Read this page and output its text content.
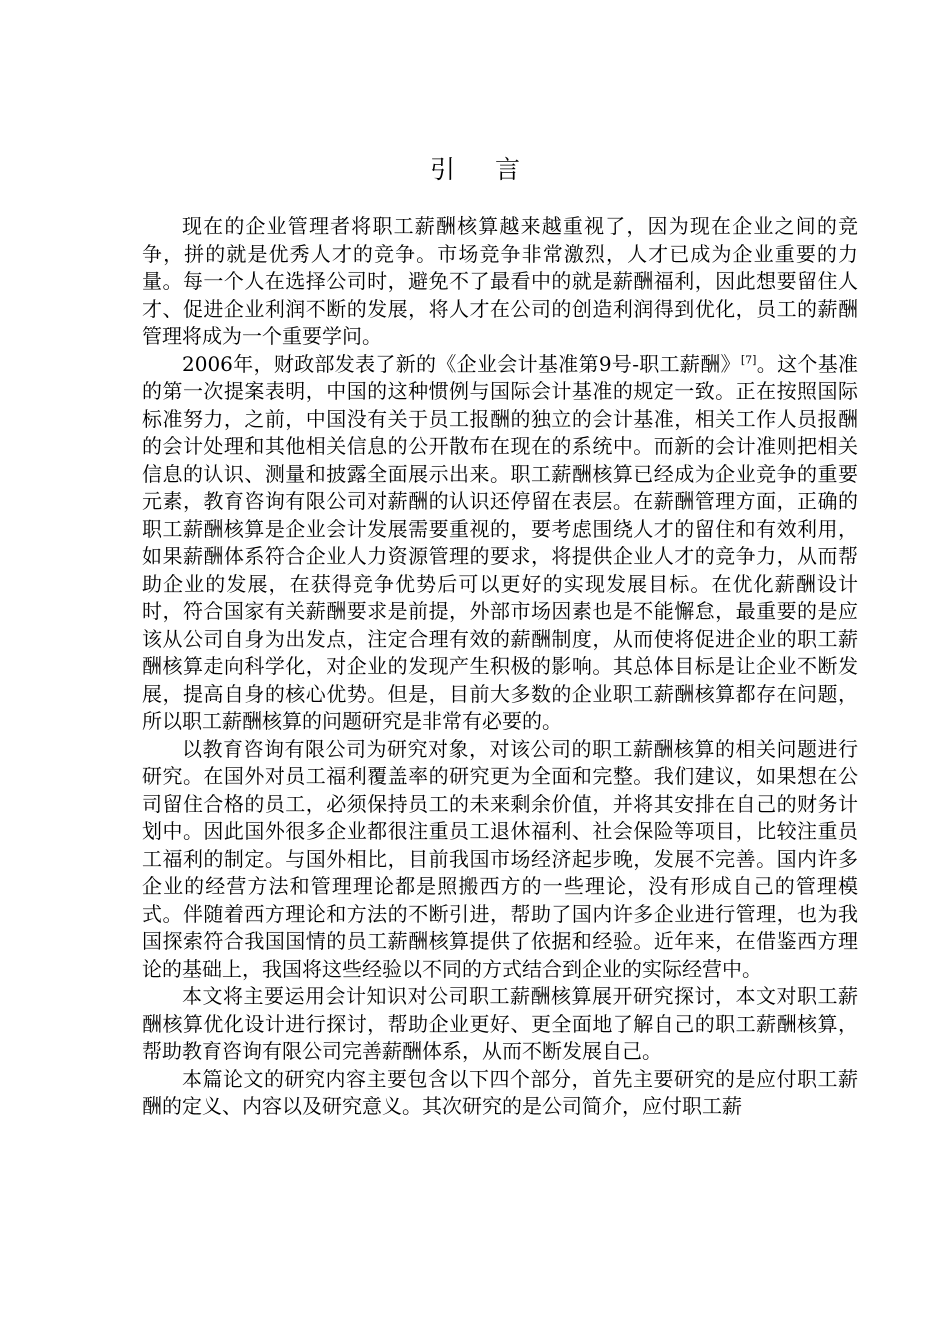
引言

现在的企业管理者将职工薪酬核算越来越重视了，因为现在企业之间的竞争，拼的就是优秀人才的竞争。市场竞争非常激烈，人才已成为企业重要的力量。每一个人在选择公司时，避免不了最看中的就是薪酬福利，因此想要留住人才、促进企业利润不断的发展，将人才在公司的创造利润得到优化，员工的薪酬管理将成为一个重要学问。

2006年，财政部发表了新的《企业会计基准第9号-职工薪酬》[7]。这个基准的第一次提案表明，中国的这种惯例与国际会计基准的规定一致。正在按照国际标准努力，之前，中国没有关于员工报酬的独立的会计基准，相关工作人员报酬的会计处理和其他相关信息的公开散布在现在的系统中。而新的会计准则把相关信息的认识、测量和披露全面展示出来。职工薪酬核算已经成为企业竞争的重要元素，教育咨询有限公司对薪酬的认识还停留在表层。在薪酬管理方面，正确的职工薪酬核算是企业会计发展需要重视的，要考虑围绕人才的留住和有效利用，如果薪酬体系符合企业人力资源管理的要求，将提供企业人才的竞争力，从而帮助企业的发展，在获得竞争优势后可以更好的实现发展目标。在优化薪酬设计时，符合国家有关薪酬要求是前提，外部市场因素也是不能懈怠，最重要的是应该从公司自身为出发点，注定合理有效的薪酬制度，从而使将促进企业的职工薪酬核算走向科学化，对企业的发现产生积极的影响。其总体目标是让企业不断发展，提高自身的核心优势。但是，目前大多数的企业职工薪酬核算都存在问题，所以职工薪酬核算的问题研究是非常有必要的。

以教育咨询有限公司为研究对象，对该公司的职工薪酬核算的相关问题进行研究。在国外对员工福利覆盖率的研究更为全面和完整。我们建议，如果想在公司留住合格的员工，必须保持员工的未来剩余价值，并将其安排在自己的财务计划中。因此国外很多企业都很注重员工退休福利、社会保险等项目，比较注重员工福利的制定。与国外相比，目前我国市场经济起步晚，发展不完善。国内许多企业的经营方法和管理理论都是照搬西方的一些理论，没有形成自己的管理模式。伴随着西方理论和方法的不断引进，帮助了国内许多企业进行管理，也为我国探索符合我国国情的员工薪酬核算提供了依据和经验。近年来，在借鉴西方理论的基础上，我国将这些经验以不同的方式结合到企业的实际经营中。

本文将主要运用会计知识对公司职工薪酬核算展开研究探讨，本文对职工薪酬核算优化设计进行探讨，帮助企业更好、更全面地了解自己的职工薪酬核算，帮助教育咨询有限公司完善薪酬体系，从而不断发展自己。

本篇论文的研究内容主要包含以下四个部分，首先主要研究的是应付职工薪酬的定义、内容以及研究意义。其次研究的是公司简介，应付职工薪
